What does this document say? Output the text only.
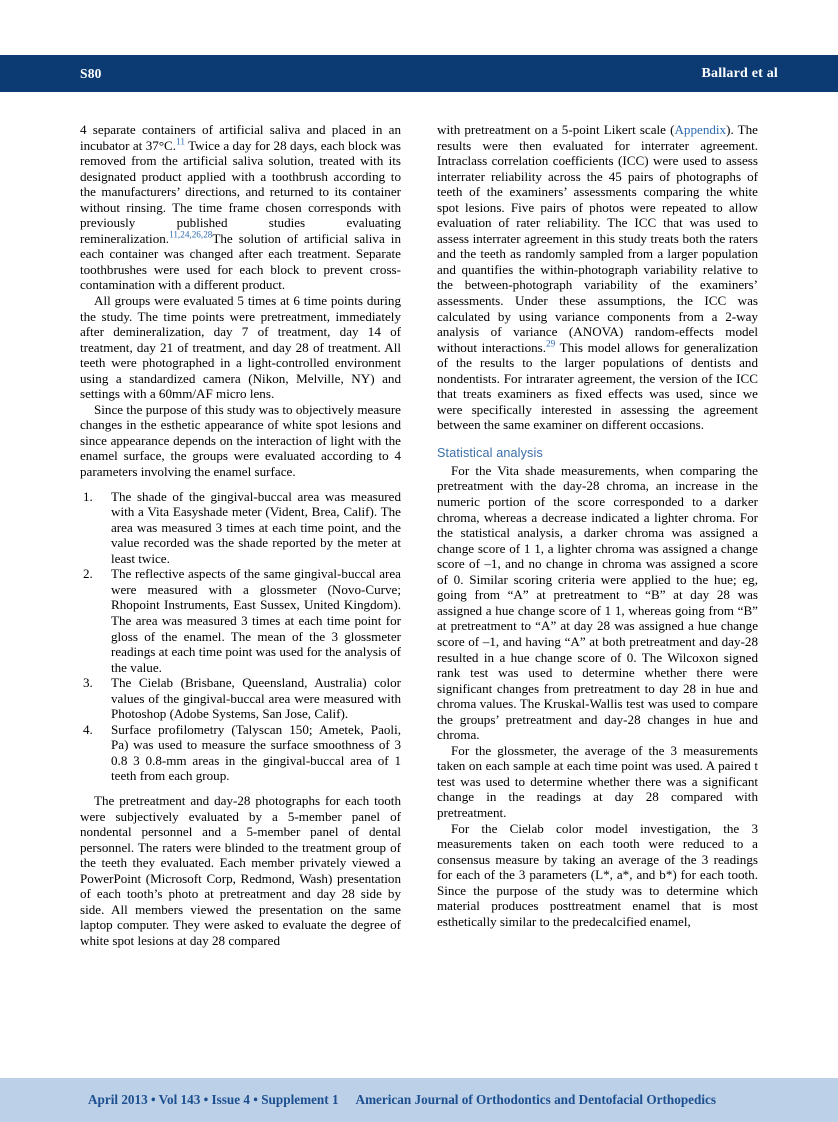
S80	Ballard et al

4 separate containers of artificial saliva and placed in an incubator at 37°C.$^{11}$ Twice a day for 28 days, each block was removed from the artificial saliva solution, treated with its designated product applied with a toothbrush according to the manufacturers’ directions, and returned to its container without rinsing. The time frame chosen corresponds with previously published studies evaluating remineralization.$^{11,24,26,28}$The solution of artificial saliva in each container was changed after each treatment. Separate toothbrushes were used for each block to prevent cross-contamination with a different product.

All groups were evaluated 5 times at 6 time points during the study. The time points were pretreatment, immediately after demineralization, day 7 of treatment, day 14 of treatment, day 21 of treatment, and day 28 of treatment. All teeth were photographed in a light-controlled environment using a standardized camera (Nikon, Melville, NY) and settings with a 60mm/AF micro lens.

Since the purpose of this study was to objectively measure changes in the esthetic appearance of white spot lesions and since appearance depends on the interaction of light with the enamel surface, the groups were evaluated according to 4 parameters involving the enamel surface.

1.	The shade of the gingival-buccal area was measured with a Vita Easyshade meter (Vident, Brea, Calif). The area was measured 3 times at each time point, and the value recorded was the shade reported by the meter at least twice.
2.	The reflective aspects of the same gingival-buccal area were measured with a glossmeter (Novo-Curve; Rhopoint Instruments, East Sussex, United Kingdom). The area was measured 3 times at each time point for gloss of the enamel. The mean of the 3 glossmeter readings at each time point was used for the analysis of the value.
3.	The Cielab (Brisbane, Queensland, Australia) color values of the gingival-buccal area were measured with Photoshop (Adobe Systems, San Jose, Calif).
4.	Surface profilometry (Talyscan 150; Ametek, Paoli, Pa) was used to measure the surface smoothness of 3 0.8 3 0.8-mm areas in the gingival-buccal area of 1 teeth from each group.

The pretreatment and day-28 photographs for each tooth were subjectively evaluated by a 5-member panel of nondental personnel and a 5-member panel of dental personnel. The raters were blinded to the treatment group of the teeth they evaluated. Each member privately viewed a PowerPoint (Microsoft Corp, Redmond, Wash) presentation of each tooth’s photo at pretreatment and day 28 side by side. All members viewed the presentation on the same laptop computer. They were asked to evaluate the degree of white spot lesions at day 28 compared

with pretreatment on a 5-point Likert scale (Appendix). The results were then evaluated for interrater agreement. Intraclass correlation coefficients (ICC) were used to assess interrater reliability across the 45 pairs of photographs of teeth of the examiners’ assessments comparing the white spot lesions. Five pairs of photos were repeated to allow evaluation of rater reliability. The ICC that was used to assess interrater agreement in this study treats both the raters and the teeth as randomly sampled from a larger population and quantifies the within-photograph variability relative to the between-photograph variability of the examiners’ assessments. Under these assumptions, the ICC was calculated by using variance components from a 2-way analysis of variance (ANOVA) random-effects model without interactions.$^{29}$ This model allows for generalization of the results to the larger populations of dentists and nondentists. For intrarater agreement, the version of the ICC that treats examiners as fixed effects was used, since we were specifically interested in assessing the agreement between the same examiner on different occasions.

Statistical analysis

For the Vita shade measurements, when comparing the pretreatment with the day-28 chroma, an increase in the numeric portion of the score corresponded to a darker chroma, whereas a decrease indicated a lighter chroma. For the statistical analysis, a darker chroma was assigned a change score of 1 1, a lighter chroma was assigned a change score of –1, and no change in chroma was assigned a score of 0. Similar scoring criteria were applied to the hue; eg, going from “A” at pretreatment to “B” at day 28 was assigned a hue change score of 1 1, whereas going from “B” at pretreatment to “A” at day 28 was assigned a hue change score of –1, and having “A” at both pretreatment and day-28 resulted in a hue change score of 0. The Wilcoxon signed rank test was used to determine whether there were significant changes from pretreatment to day 28 in hue and chroma values. The Kruskal-Wallis test was used to compare the groups’ pretreatment and day-28 changes in hue and chroma.

For the glossmeter, the average of the 3 measurements taken on each sample at each time point was used. A paired t test was used to determine whether there was a significant change in the readings at day 28 compared with pretreatment.

For the Cielab color model investigation, the 3 measurements taken on each tooth were reduced to a consensus measure by taking an average of the 3 readings for each of the 3 parameters (L*, a*, and b*) for each tooth. Since the purpose of the study was to determine which material produces posttreatment enamel that is most esthetically similar to the predecalcified enamel,

April 2013 • Vol 143 • Issue 4 • Supplement 1 American Journal of Orthodontics and Dentofacial Orthopedics
